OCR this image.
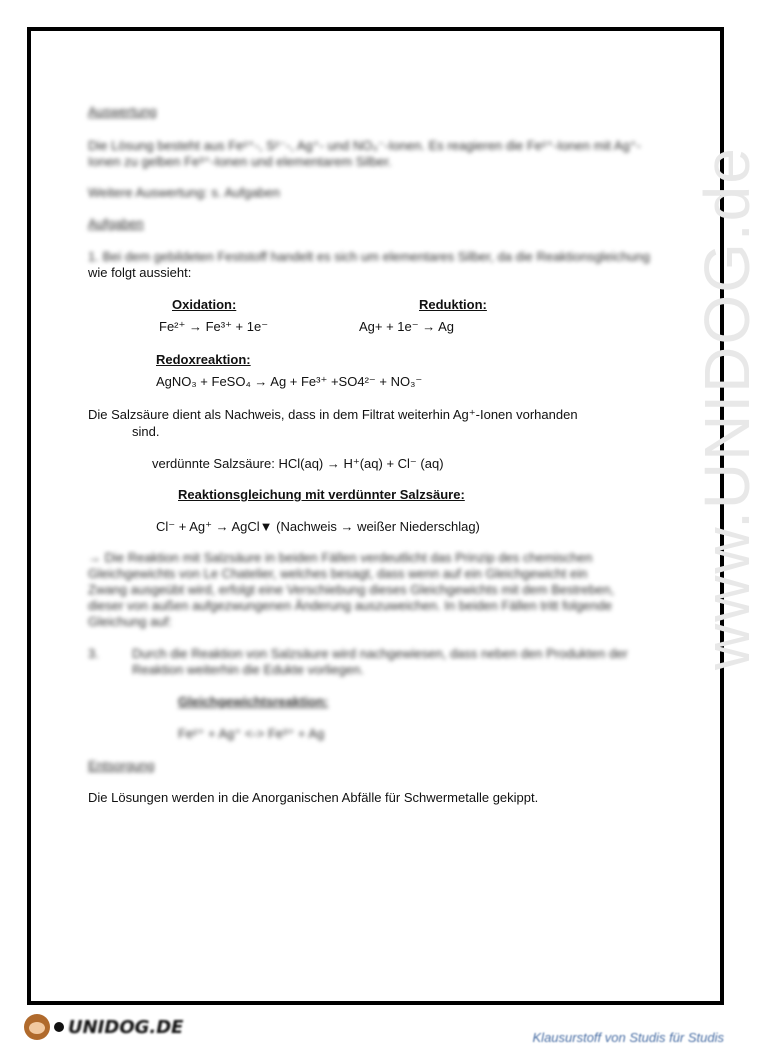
www.UNIDOG.de
Auswertung
Die Lösung besteht aus Fe²⁺-, S²⁻-, Ag⁺- und NO₃⁻-Ionen. Es reagieren die Fe²⁺-Ionen mit Ag⁺-
Ionen zu gelben Fe³⁺-Ionen und elementarem Silber.
Weitere Auswertung: s. Aufgaben
Aufgaben
1. Bei dem gebildeten Feststoff handelt es sich um elementares Silber, da die Reaktionsgleichung
wie folgt aussieht:
Oxidation:	Reduktion:
Fe²⁺ → Fe³⁺ + 1e⁻	Ag+ + 1e⁻ → Ag
Redoxreaktion:
AgNO₃ + FeSO₄ → Ag + Fe³⁺ +SO4²⁻ + NO₃⁻
Die Salzsäure dient als Nachweis, dass in dem Filtrat weiterhin Ag⁺-Ionen vorhanden
sind.
verdünnte Salzsäure: HCl(aq) → H⁺(aq) + Cl⁻ (aq)
Reaktionsgleichung mit verdünnter Salzsäure:
Cl⁻ + Ag⁺ → AgCl▼ (Nachweis → weißer Niederschlag)
→ Die Reaktion mit Salzsäure in beiden Fällen verdeutlicht das Prinzip des chemischen
Gleichgewichts von Le Chatelier, welches besagt, dass wenn auf ein Gleichgewicht ein
Zwang ausgeübt wird, erfolgt eine Verschiebung dieses Gleichgewichts mit dem Bestreben,
dieser von außen aufgezwungenen Änderung auszuweichen. In beiden Fällen tritt folgende
Gleichung auf:
3.	Durch die Reaktion von Salzsäure wird nachgewiesen, dass neben den Produkten der
Reaktion weiterhin die Edukte vorliegen.
Gleichgewichtsreaktion:
Fe²⁺ + Ag⁺ <-> Fe³⁺ + Ag
Entsorgung
Die Lösungen werden in die Anorganischen Abfälle für Schwermetalle gekippt.
UNIDOG.DE	Klausurstoff von Studis für Studis
